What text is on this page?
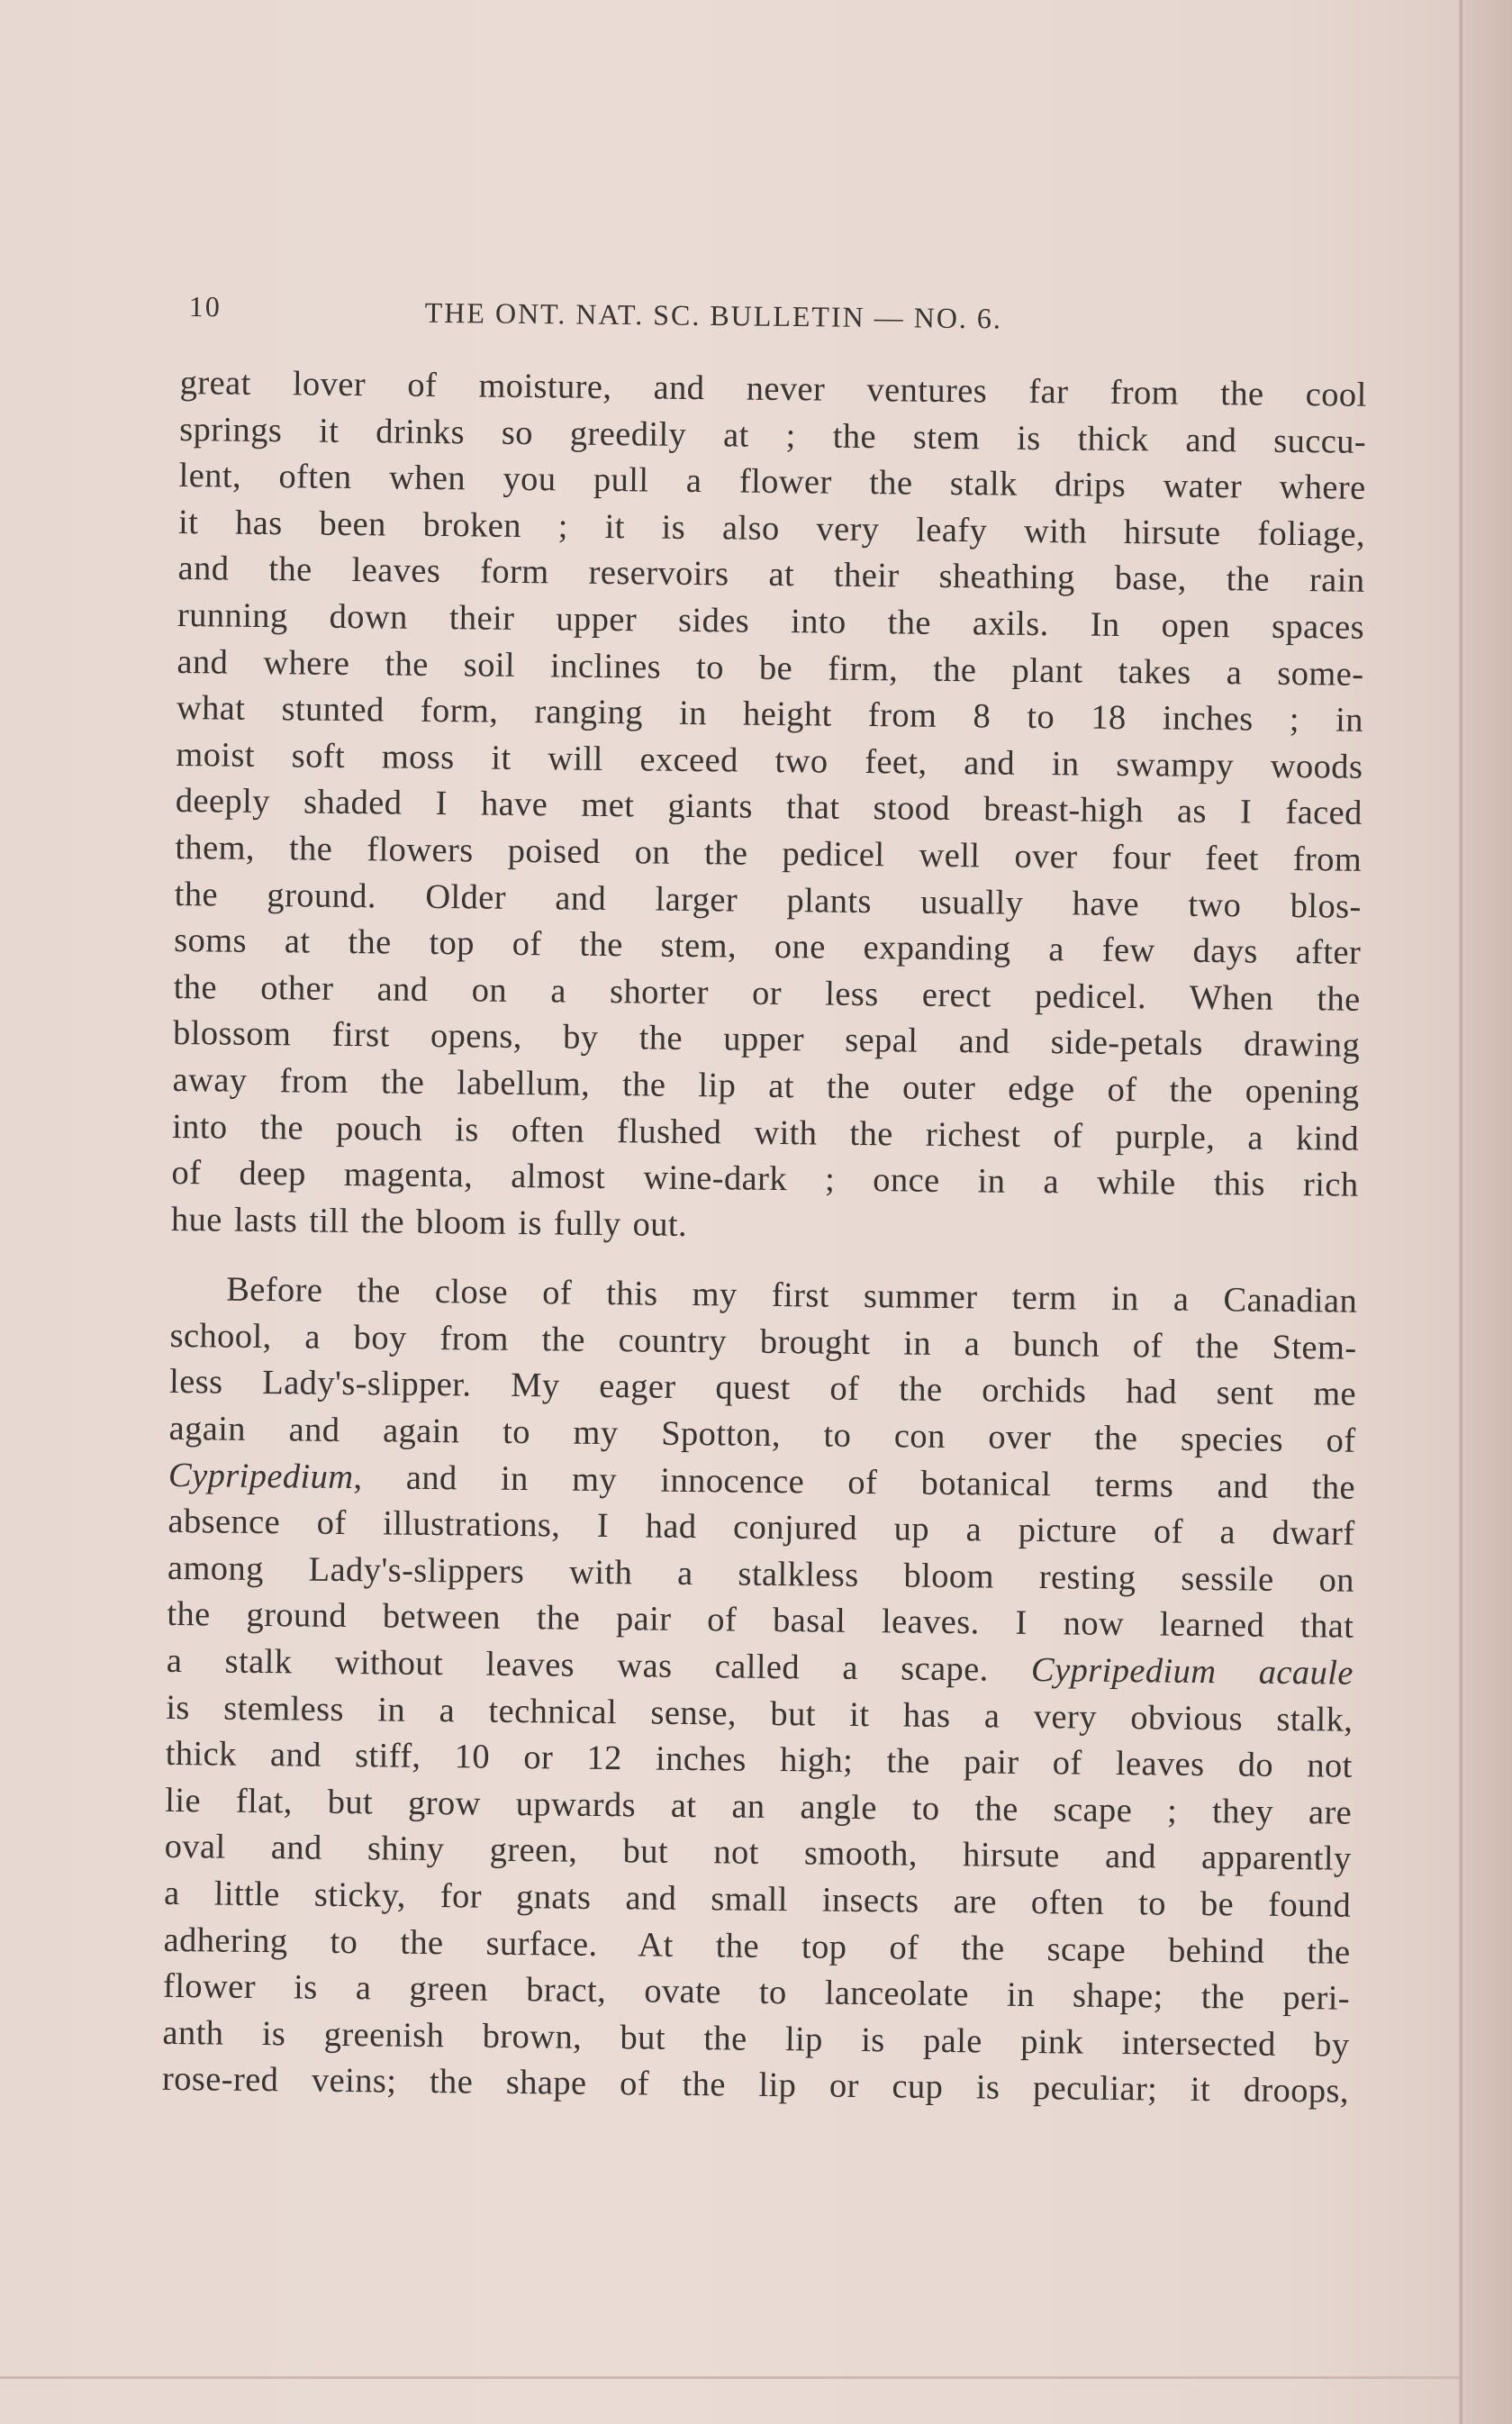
10	THE ONT. NAT. SC. BULLETIN — NO. 6.
great lover of moisture, and never ventures far from the cool
springs it drinks so greedily at ; the stem is thick and succu-
lent, often when you pull a flower the stalk drips water where
it has been broken ; it is also very leafy with hirsute foliage,
and the leaves form reservoirs at their sheathing base, the rain
running down their upper sides into the axils. In open spaces
and where the soil inclines to be firm, the plant takes a some-
what stunted form, ranging in height from 8 to 18 inches ; in
moist soft moss it will exceed two feet, and in swampy woods
deeply shaded I have met giants that stood breast-high as I faced
them, the flowers poised on the pedicel well over four feet from
the ground. Older and larger plants usually have two blos-
soms at the top of the stem, one expanding a few days after
the other and on a shorter or less erect pedicel. When the
blossom first opens, by the upper sepal and side-petals drawing
away from the labellum, the lip at the outer edge of the opening
into the pouch is often flushed with the richest of purple, a kind
of deep magenta, almost wine-dark ; once in a while this rich
hue lasts till the bloom is fully out.
Before the close of this my first summer term in a Canadian
school, a boy from the country brought in a bunch of the Stem-
less Lady's-slipper. My eager quest of the orchids had sent me
again and again to my Spotton, to con over the species of
Cypripedium, and in my innocence of botanical terms and the
absence of illustrations, I had conjured up a picture of a dwarf
among Lady's-slippers with a stalkless bloom resting sessile on
the ground between the pair of basal leaves. I now learned that
a stalk without leaves was called a scape. Cypripedium acaule
is stemless in a technical sense, but it has a very obvious stalk,
thick and stiff, 10 or 12 inches high; the pair of leaves do not
lie flat, but grow upwards at an angle to the scape ; they are
oval and shiny green, but not smooth, hirsute and apparently
a little sticky, for gnats and small insects are often to be found
adhering to the surface. At the top of the scape behind the
flower is a green bract, ovate to lanceolate in shape; the peri-
anth is greenish brown, but the lip is pale pink intersected by
rose-red veins; the shape of the lip or cup is peculiar; it droops,
